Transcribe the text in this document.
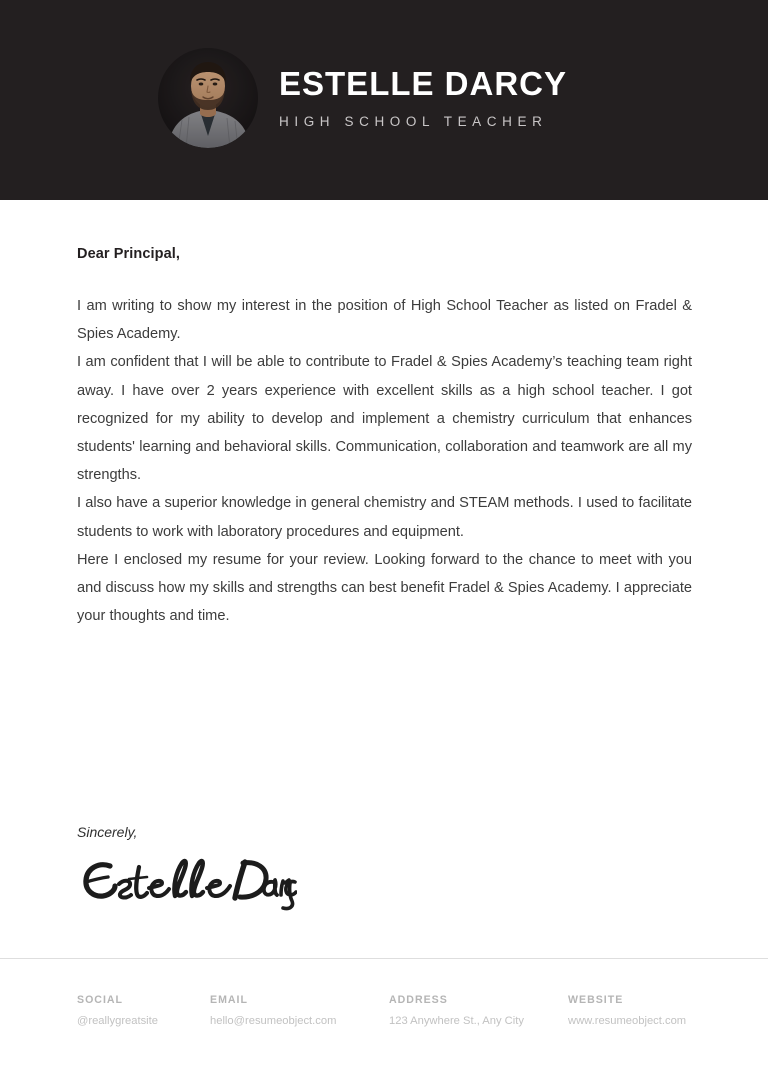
ESTELLE DARCY
HIGH SCHOOL TEACHER

Dear Principal,

I am writing to show my interest in the position of High School Teacher as listed on Fradel & Spies Academy.

I am confident that I will be able to contribute to Fradel & Spies Academy’s teaching team right away. I have over 2 years experience with excellent skills as a high school teacher. I got recognized for my ability to develop and implement a chemistry curriculum that enhances students' learning and behavioral skills. Communication, collaboration and teamwork are all my strengths.

I also have a superior knowledge in general chemistry and STEAM methods. I used to facilitate students to work with laboratory procedures and equipment.

Here I enclosed my resume for your review. Looking forward to the chance to meet with you and discuss how my skills and strengths can best benefit Fradel & Spies Academy. I appreciate your thoughts and time.

Sincerely,

SOCIAL

@reallygreatsite

EMAIL

hello@resumeobject.com

ADDRESS

123 Anywhere St., Any City

WEBSITE

www.resumeobject.com
